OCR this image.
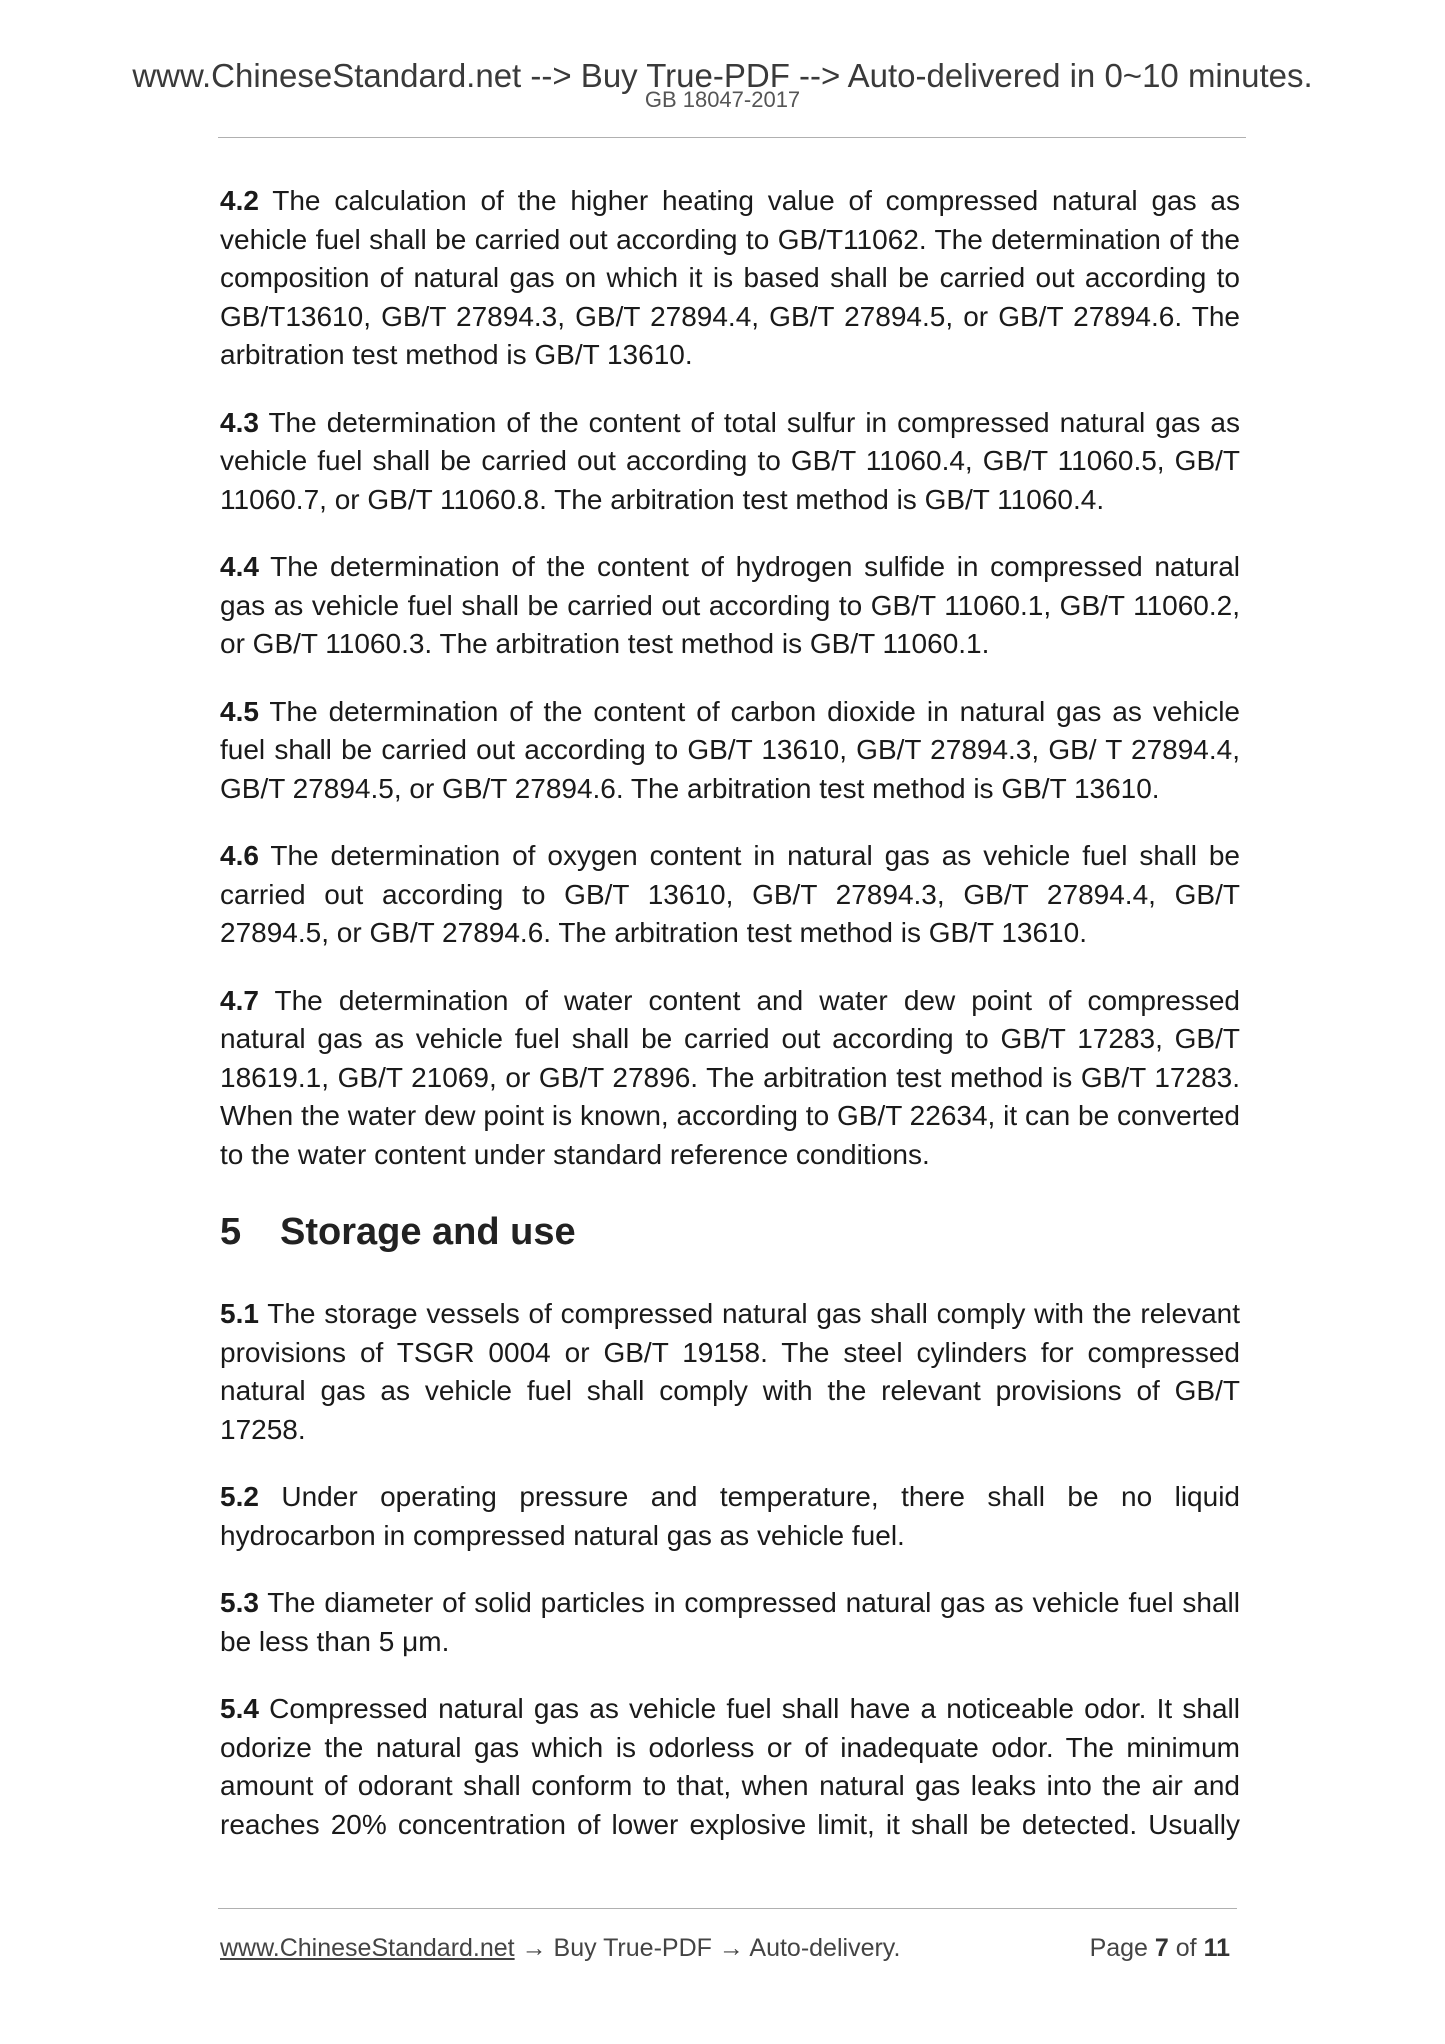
www.ChineseStandard.net --> Buy True-PDF --> Auto-delivered in 0~10 minutes.
GB 18047-2017

4.2 The calculation of the higher heating value of compressed natural gas as vehicle fuel shall be carried out according to GB/T11062. The determination of the composition of natural gas on which it is based shall be carried out according to GB/T13610, GB/T 27894.3, GB/T 27894.4, GB/T 27894.5, or GB/T 27894.6. The arbitration test method is GB/T 13610.

4.3 The determination of the content of total sulfur in compressed natural gas as vehicle fuel shall be carried out according to GB/T 11060.4, GB/T 11060.5, GB/T 11060.7, or GB/T 11060.8. The arbitration test method is GB/T 11060.4.

4.4 The determination of the content of hydrogen sulfide in compressed natural gas as vehicle fuel shall be carried out according to GB/T 11060.1, GB/T 11060.2, or GB/T 11060.3. The arbitration test method is GB/T 11060.1.

4.5 The determination of the content of carbon dioxide in natural gas as vehicle fuel shall be carried out according to GB/T 13610, GB/T 27894.3, GB/ T 27894.4, GB/T 27894.5, or GB/T 27894.6. The arbitration test method is GB/T 13610.

4.6 The determination of oxygen content in natural gas as vehicle fuel shall be carried out according to GB/T 13610, GB/T 27894.3, GB/T 27894.4, GB/T 27894.5, or GB/T 27894.6. The arbitration test method is GB/T 13610.

4.7 The determination of water content and water dew point of compressed natural gas as vehicle fuel shall be carried out according to GB/T 17283, GB/T 18619.1, GB/T 21069, or GB/T 27896. The arbitration test method is GB/T 17283. When the water dew point is known, according to GB/T 22634, it can be converted to the water content under standard reference conditions.

5 Storage and use

5.1 The storage vessels of compressed natural gas shall comply with the relevant provisions of TSGR 0004 or GB/T 19158. The steel cylinders for compressed natural gas as vehicle fuel shall comply with the relevant provisions of GB/T 17258.

5.2 Under operating pressure and temperature, there shall be no liquid hydrocarbon in compressed natural gas as vehicle fuel.

5.3 The diameter of solid particles in compressed natural gas as vehicle fuel shall be less than 5 μm.

5.4 Compressed natural gas as vehicle fuel shall have a noticeable odor. It shall odorize the natural gas which is odorless or of inadequate odor. The minimum amount of odorant shall conform to that, when natural gas leaks into the air and reaches 20% concentration of lower explosive limit, it shall be detected. Usually

www.ChineseStandard.net → Buy True-PDF → Auto-delivery.	Page 7 of 11
